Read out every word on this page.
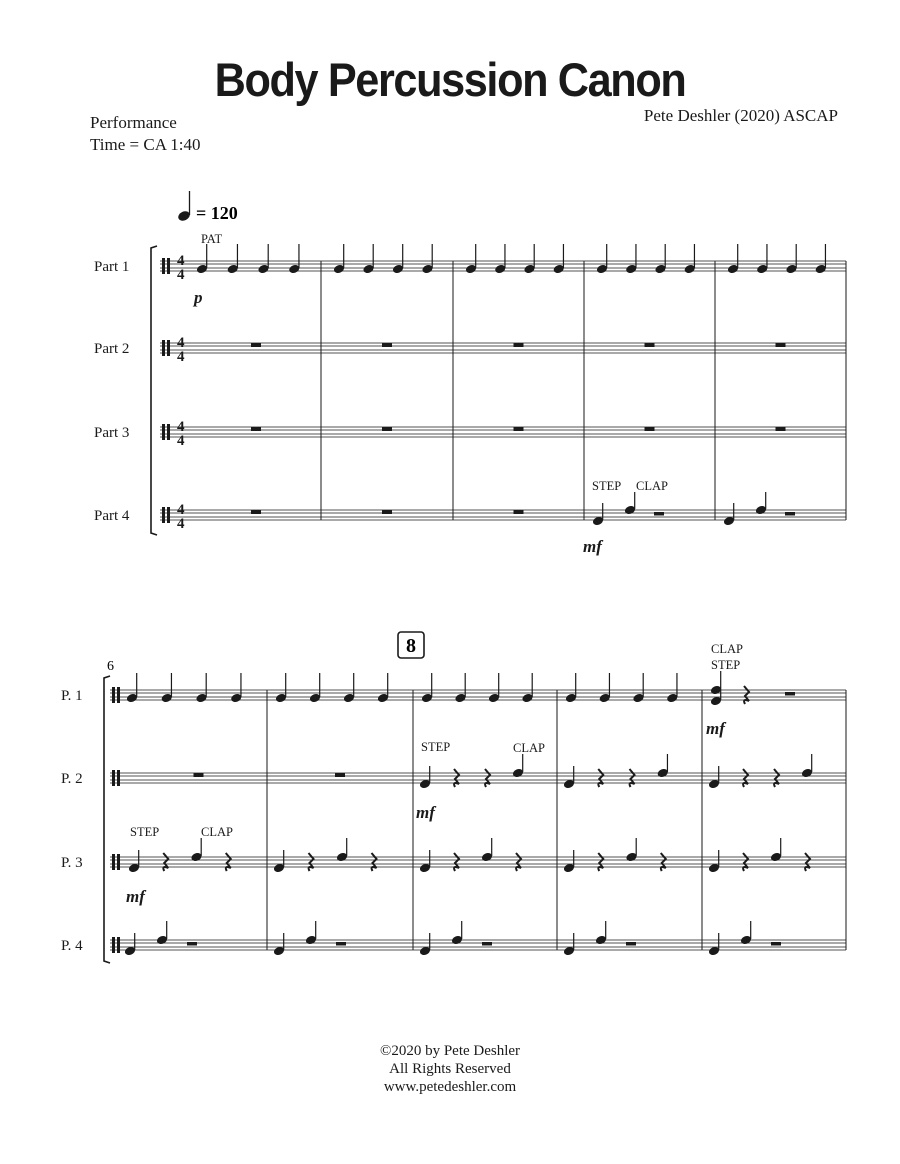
Body Percussion Canon
Performance
Time = CA 1:40
Pete Deshler (2020) ASCAP
= 120
4
4
Part 1
4
4
Part 2
4
4
Part 3
4
4
Part 4
PAT
p
STEP CLAP
mf
P. 1
P. 2
P. 3
P. 4
CLAP
STEP
mf
STEP	CLAP
mf
STEP	CLAP
mf
8
6
©2020 by Pete Deshler
All Rights Reserved
www.petedeshler.com
